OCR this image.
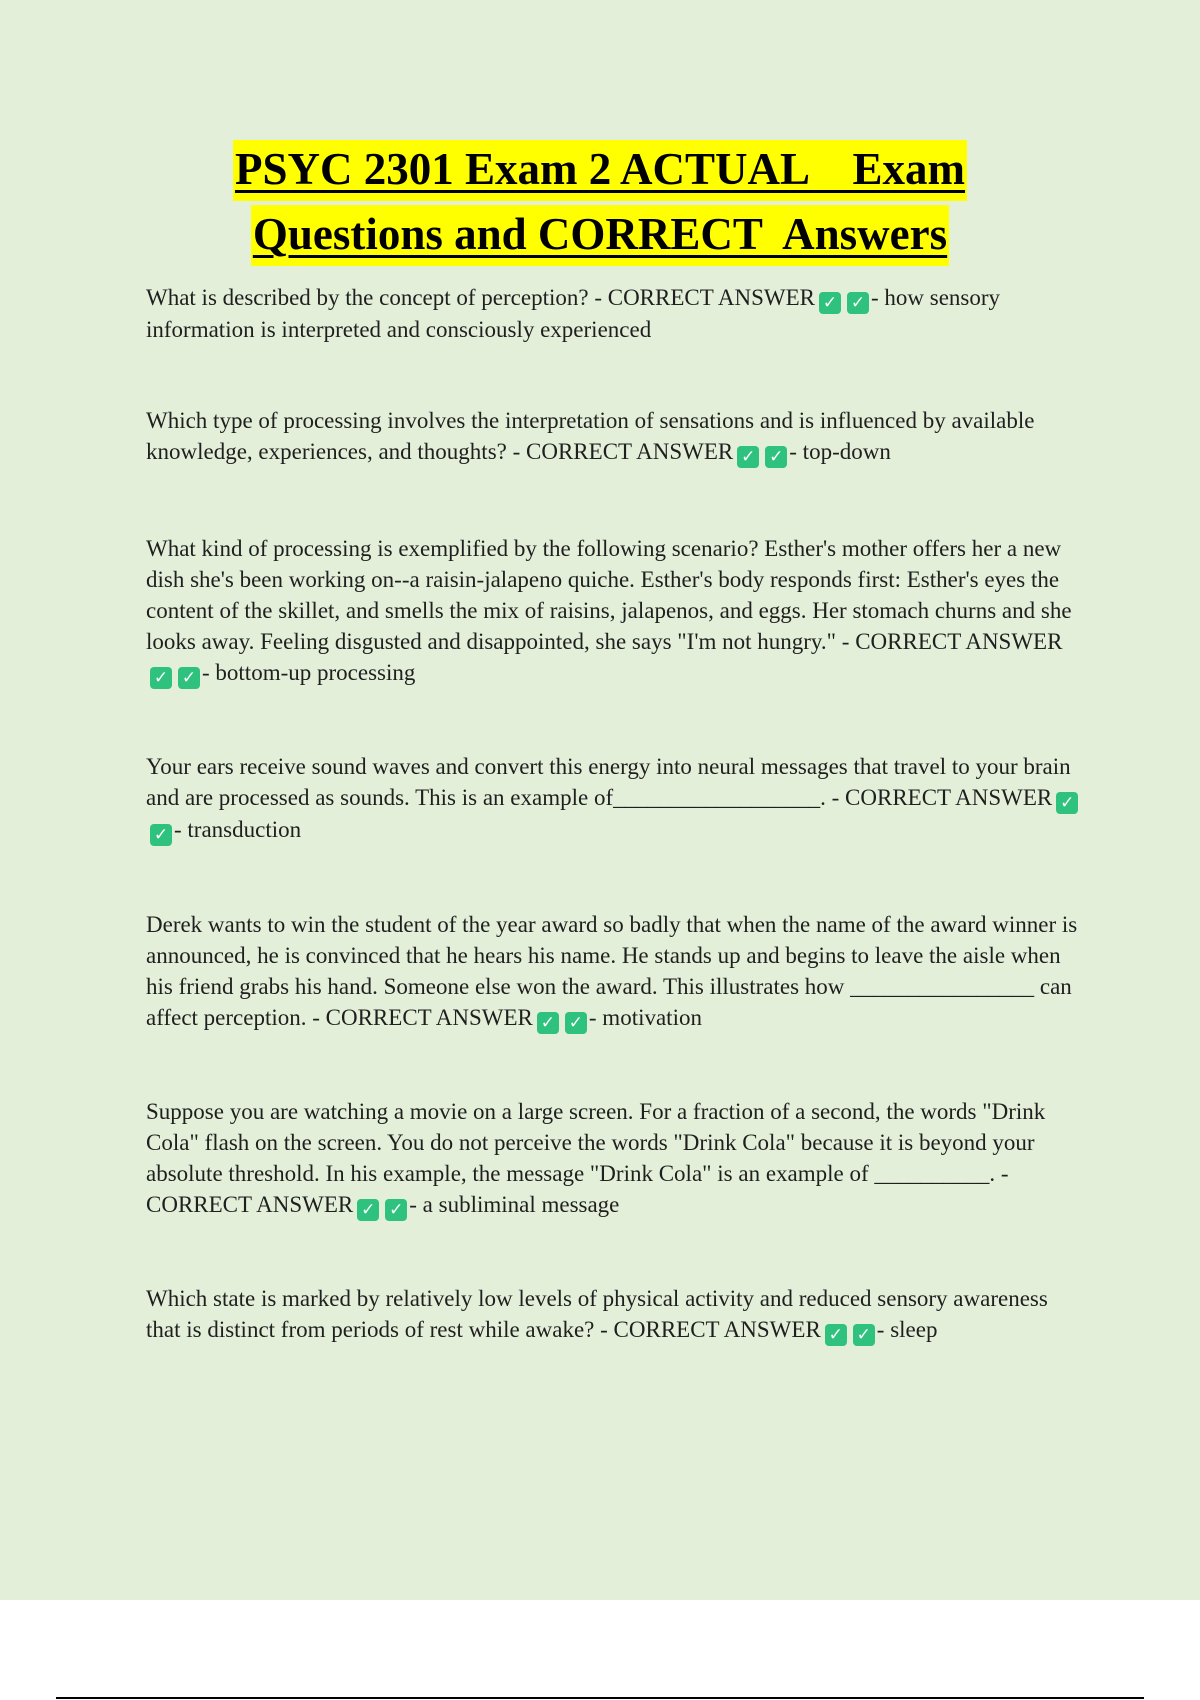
PSYC 2301 Exam 2 ACTUAL    Exam
Questions and CORRECT  Answers
What is described by the concept of perception? - CORRECT ANSWER ✓ ✓ - how sensory information is interpreted and consciously experienced
Which type of processing involves the interpretation of sensations and is influenced by available knowledge, experiences, and thoughts? - CORRECT ANSWER ✓ ✓ - top-down
What kind of processing is exemplified by the following scenario? Esther's mother offers her a new dish she's been working on--a raisin-jalapeno quiche. Esther's body responds first: Esther's eyes the content of the skillet, and smells the mix of raisins, jalapenos, and eggs. Her stomach churns and she looks away. Feeling disgusted and disappointed, she says "I'm not hungry." - CORRECT ANSWER✓ ✓ - bottom-up processing
Your ears receive sound waves and convert this energy into neural messages that travel to your brain and are processed as sounds. This is an example of__________________. - CORRECT ANSWER ✓✓ - transduction
Derek wants to win the student of the year award so badly that when the name of the award winner is announced, he is convinced that he hears his name. He stands up and begins to leave the aisle when his friend grabs his hand. Someone else won the award. This illustrates how ________________ can affect perception. - CORRECT ANSWER ✓ ✓ - motivation
Suppose you are watching a movie on a large screen. For a fraction of a second, the words "Drink Cola" flash on the screen. You do not perceive the words "Drink Cola" because it is beyond your absolute threshold. In his example, the message "Drink Cola" is an example of __________. - CORRECT ANSWER ✓ ✓ - a subliminal message
Which state is marked by relatively low levels of physical activity and reduced sensory awareness that is distinct from periods of rest while awake? - CORRECT ANSWER ✓ ✓ - sleep
